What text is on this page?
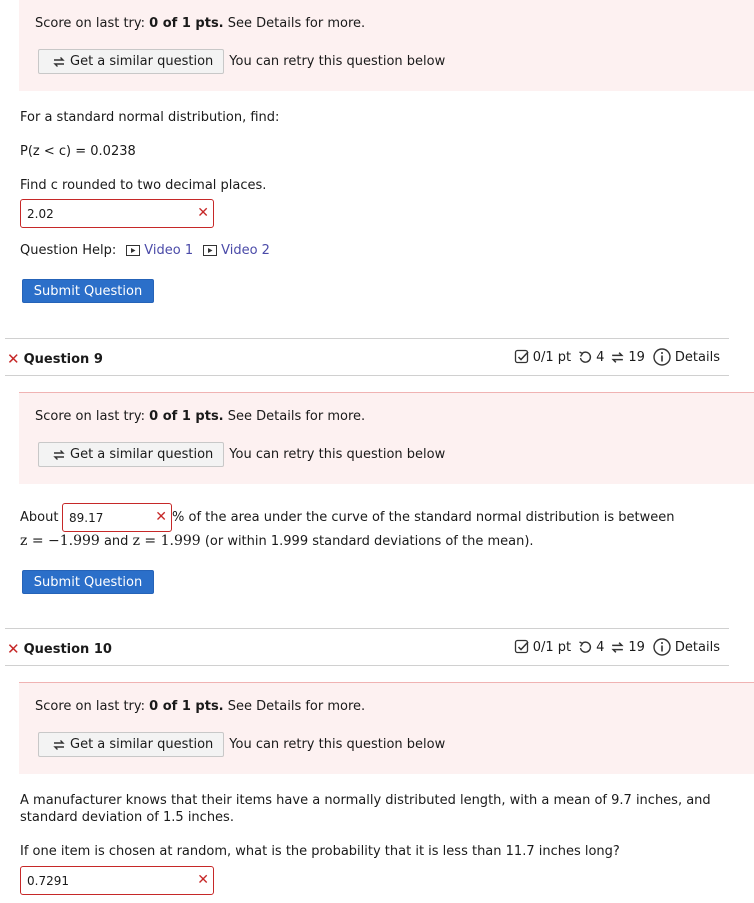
Score on last try: 0 of 1 pts. See Details for more.
Get a similar question You can retry this question below
For a standard normal distribution, find:
P(z < c) = 0.0238
Find c rounded to two decimal places.
2.02	✕
Question Help: Video 1 Video 2
Submit Question
✕ Question 9	0/1 pt 4 19 Details
Score on last try: 0 of 1 pts. See Details for more.
Get a similar question You can retry this question below
About 89.17	✕ % of the area under the curve of the standard normal distribution is between
z = −1.999 and z = 1.999 (or within 1.999 standard deviations of the mean).
Submit Question
✕ Question 10	0/1 pt 4 19 Details
Score on last try: 0 of 1 pts. See Details for more.
Get a similar question You can retry this question below
A manufacturer knows that their items have a normally distributed length, with a mean of 9.7 inches, and
standard deviation of 1.5 inches.
If one item is chosen at random, what is the probability that it is less than 11.7 inches long?
0.7291	✕
